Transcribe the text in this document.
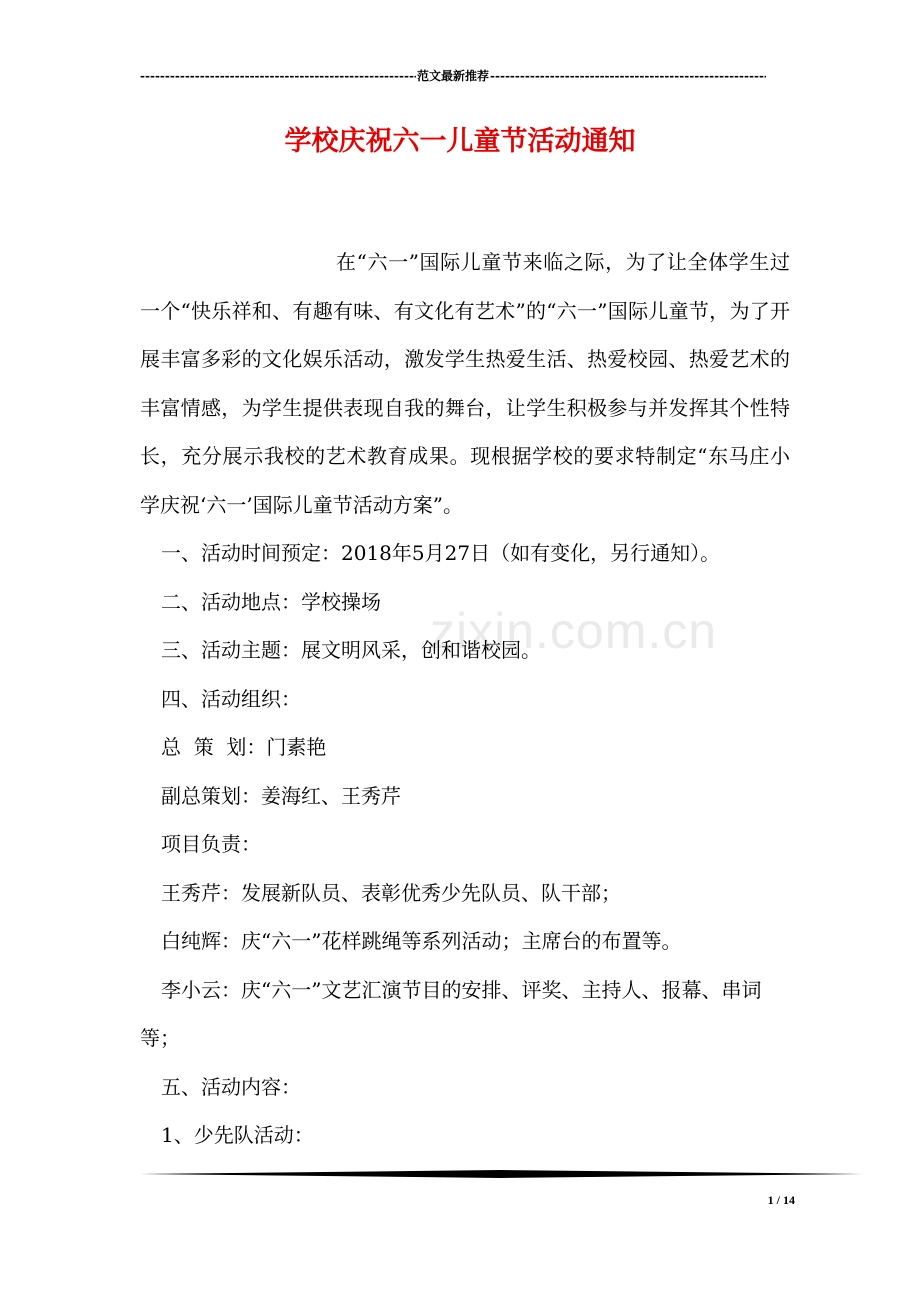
-----
范文最新推荐
-----
学校庆祝六一儿童节活动通知
zixin.com.cn

在“六一”国际儿童节来临之际，为了让全体学生过一个“快乐祥和、有趣有味、有文化有艺术”的“六一”国际儿童节，为了开展丰富多彩的文化娱乐活动，激发学生热爱生活、热爱校园、热爱艺术的丰富情感，为学生提供表现自我的舞台，让学生积极参与并发挥其个性特长，充分展示我校的艺术教育成果。现根据学校的要求特制定“东马庄小学庆祝‘六一’国际儿童节活动方案”。

一、活动时间预定：2018年5月27日（如有变化，另行通知）。

二、活动地点：学校操场

三、活动主题：展文明风采，创和谐校园。

四、活动组织：

总  策  划：门素艳

副总策划：姜海红、王秀芹

项目负责：

王秀芹：发展新队员、表彰优秀少先队员、队干部；

白纯辉：庆“六一”花样跳绳等系列活动；主席台的布置等。

李小云：庆“六一”文艺汇演节目的安排、评奖、主持人、报幕、串词等；

五、活动内容：

1、少先队活动：

1 / 14
